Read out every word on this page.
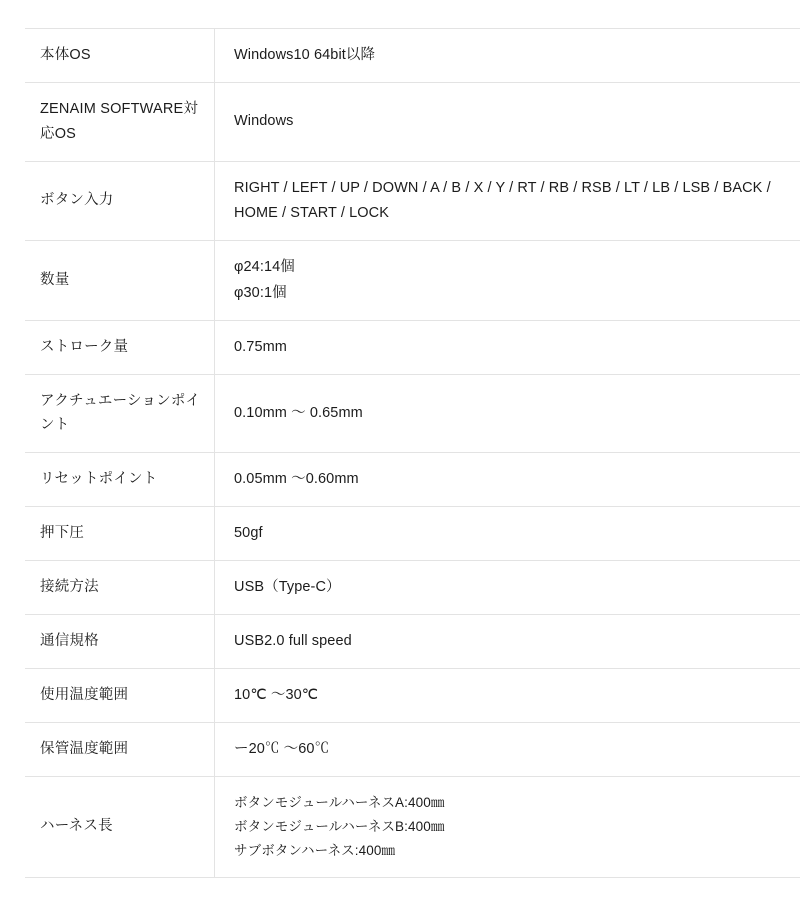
本体OS	Windows10 64bit以降

ZENAIM SOFTWARE対応OS	Windows

ボタン入力	RIGHT / LEFT / UP / DOWN / A / B / X / Y / RT / RB / RSB / LT / LB / LSB / BACK / HOME / START / LOCK

数量	φ24:14個
φ30:1個

ストローク量	0.75mm

アクチュエーションポイント	0.10mm 〜 0.65mm

リセットポイント	0.05mm 〜0.60mm

押下圧	50gf

接続方法	USB（Type-C）

通信規格	USB2.0 full speed

使用温度範囲	10℃ 〜30℃

保管温度範囲	ー20℃ 〜60℃

ハーネス長	ボタンモジュールハーネスA:400㎜
ボタンモジュールハーネスB:400㎜
サブボタンハーネス:400㎜
